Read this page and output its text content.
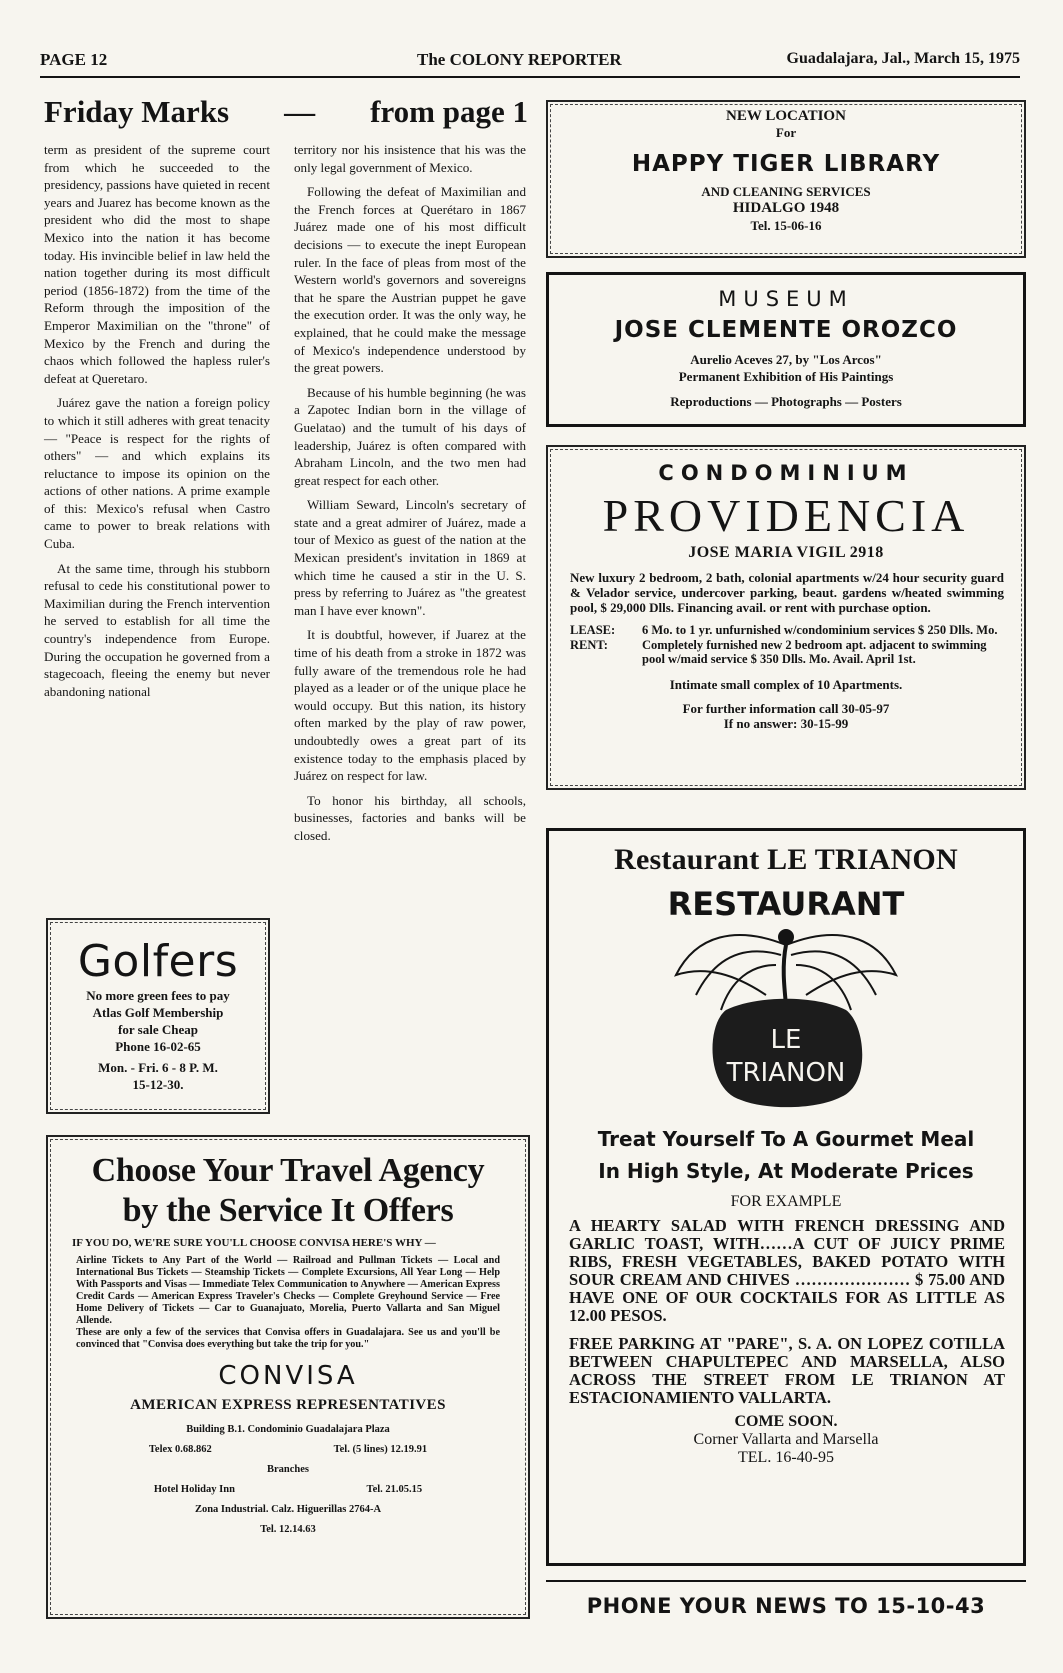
PAGE 12	The COLONY REPORTER	Guadalajara, Jal., March 15, 1975
Friday Marks — from page 1

term as president of the supreme court from which he succeeded to the presidency, passions have quieted in recent years and Juarez has become known as the president who did the most to shape Mexico into the nation it has become today. His invincible belief in law held the nation together during its most difficult period (1856-1872) from the time of the Reform through the imposition of the Emperor Maximilian on the "throne" of Mexico by the French and during the chaos which followed the hapless ruler's defeat at Queretaro.

Juárez gave the nation a foreign policy to which it still adheres with great tenacity — "Peace is respect for the rights of others" — and which explains its reluctance to impose its opinion on the actions of other nations. A prime example of this: Mexico's refusal when Castro came to power to break relations with Cuba.

At the same time, through his stubborn refusal to cede his constitutional power to Maximilian during the French intervention he served to establish for all time the country's independence from Europe. During the occupation he governed from a stagecoach, fleeing the enemy but never abandoning national

territory nor his insistence that his was the only legal government of Mexico.

Following the defeat of Maximilian and the French forces at Querétaro in 1867 Juárez made one of his most difficult decisions — to execute the inept European ruler. In the face of pleas from most of the Western world's governors and sovereigns that he spare the Austrian puppet he gave the execution order. It was the only way, he explained, that he could make the message of Mexico's independence understood by the great powers.

Because of his humble beginning (he was a Zapotec Indian born in the village of Guelatao) and the tumult of his days of leadership, Juárez is often compared with Abraham Lincoln, and the two men had great respect for each other.

William Seward, Lincoln's secretary of state and a great admirer of Juárez, made a tour of Mexico as guest of the nation at the Mexican president's invitation in 1869 at which time he caused a stir in the U. S. press by referring to Juárez as "the greatest man I have ever known".

It is doubtful, however, if Juarez at the time of his death from a stroke in 1872 was fully aware of the tremendous role he had played as a leader or of the unique place he would occupy. But this nation, its history often marked by the play of raw power, undoubtedly owes a great part of its existence today to the emphasis placed by Juárez on respect for law.

To honor his birthday, all schools, businesses, factories and banks will be closed.

Golfers
No more green fees to pay
Atlas Golf Membership
for sale Cheap
Phone 16-02-65
Mon. - Fri. 6 - 8 P. M.
15-12-30.
Choose Your Travel Agency
by the Service It Offers
IF YOU DO, WE'RE SURE YOU'LL CHOOSE CONVISA HERE'S WHY —
Airline Tickets to Any Part of the World — Railroad and Pullman Tickets — Local and International Bus Tickets — Steamship Tickets — Complete Excursions, All Year Long — Help With Passports and Visas — Immediate Telex Communication to Anywhere — American Express Credit Cards — American Express Traveler's Checks — Complete Greyhound Service — Free Home Delivery of Tickets — Car to Guanajuato, Morelia, Puerto Vallarta and San Miguel Allende.
These are only a few of the services that Convisa offers in Guadalajara. See us and you'll be convinced that "Convisa does everything but take the trip for you."
CONVISA
AMERICAN EXPRESS REPRESENTATIVES
Building B.1. Condominio Guadalajara Plaza
Telex 0.68.862	Tel. (5 lines) 12.19.91
Branches
Hotel Holiday Inn	Tel. 21.05.15
Zona Industrial. Calz. Higuerillas 2764-A
Tel. 12.14.63
NEW LOCATION
For
HAPPY TIGER LIBRARY
AND CLEANING SERVICES
HIDALGO 1948
Tel. 15-06-16
MUSEUM
JOSE CLEMENTE OROZCO
Aurelio Aceves 27, by "Los Arcos"
Permanent Exhibition of His Paintings
Reproductions — Photographs — Posters
CONDOMINIUM
PROVIDENCIA
JOSE MARIA VIGIL 2918
New luxury 2 bedroom, 2 bath, colonial apartments w/24 hour security guard & Velador service, undercover parking, beaut. gardens w/heated swimming pool, $ 29,000 Dlls. Financing avail. or rent with purchase option.
LEASE:	6 Mo. to 1 yr. unfurnished w/condominium services $ 250 Dlls. Mo.
RENT:	Completely furnished new 2 bedroom apt. adjacent to swimming pool w/maid service $ 350 Dlls. Mo. Avail. April 1st.
Intimate small complex of 10 Apartments.
For further information call 30-05-97
If no answer: 30-15-99
Restaurant LE TRIANON
RESTAURANT
LE
TRIANON
Treat Yourself To A Gourmet Meal
In High Style, At Moderate Prices
FOR EXAMPLE
A HEARTY SALAD WITH FRENCH DRESSING AND GARLIC TOAST, WITH……A CUT OF JUICY PRIME RIBS, FRESH VEGETABLES, BAKED POTATO WITH SOUR CREAM AND CHIVES ………………… $ 75.00 AND HAVE ONE OF OUR COCKTAILS FOR AS LITTLE AS 12.00 PESOS.
FREE PARKING AT "PARE", S. A. ON LOPEZ COTILLA BETWEEN CHAPULTEPEC AND MARSELLA, ALSO ACROSS THE STREET FROM LE TRIANON AT ESTACIONAMIENTO VALLARTA.
COME SOON.
Corner Vallarta and Marsella
TEL. 16-40-95
PHONE YOUR NEWS TO 15-10-43
